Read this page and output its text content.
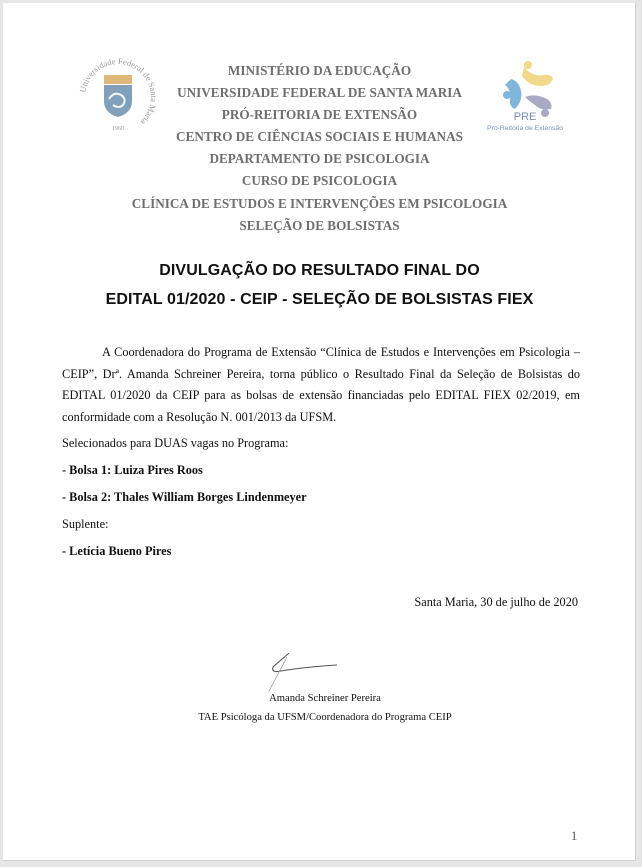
Universidade Federal de Santa Maria
1960
PRE
Pró-Reitoria de Extensão
MINISTÉRIO DA EDUCAÇÃO
UNIVERSIDADE FEDERAL DE SANTA MARIA
PRÓ-REITORIA DE EXTENSÃO
CENTRO DE CIÊNCIAS SOCIAIS E HUMANAS
DEPARTAMENTO DE PSICOLOGIA
CURSO DE PSICOLOGIA
CLÍNICA DE ESTUDOS E INTERVENÇÕES EM PSICOLOGIA
SELEÇÃO DE BOLSISTAS
DIVULGAÇÃO DO RESULTADO FINAL DO
EDITAL 01/2020 - CEIP - SELEÇÃO DE BOLSISTAS FIEX

A Coordenadora do Programa de Extensão “Clínica de Estudos e Intervenções em Psicologia – CEIP”, Drª. Amanda Schreiner Pereira, torna público o Resultado Final da Seleção de Bolsistas do EDITAL 01/2020 da CEIP para as bolsas de extensão financiadas pelo EDITAL FIEX 02/2019, em conformidade com a Resolução N. 001/2013 da UFSM.

Selecionados para DUAS vagas no Programa:
- Bolsa 1: Luiza Pires Roos
- Bolsa 2: Thales William Borges Lindenmeyer
Suplente:
- Letícia Bueno Pires
Santa Maria, 30 de julho de 2020
Amanda Schreiner Pereira
TAE Psicóloga da UFSM/Coordenadora do Programa CEIP
1
